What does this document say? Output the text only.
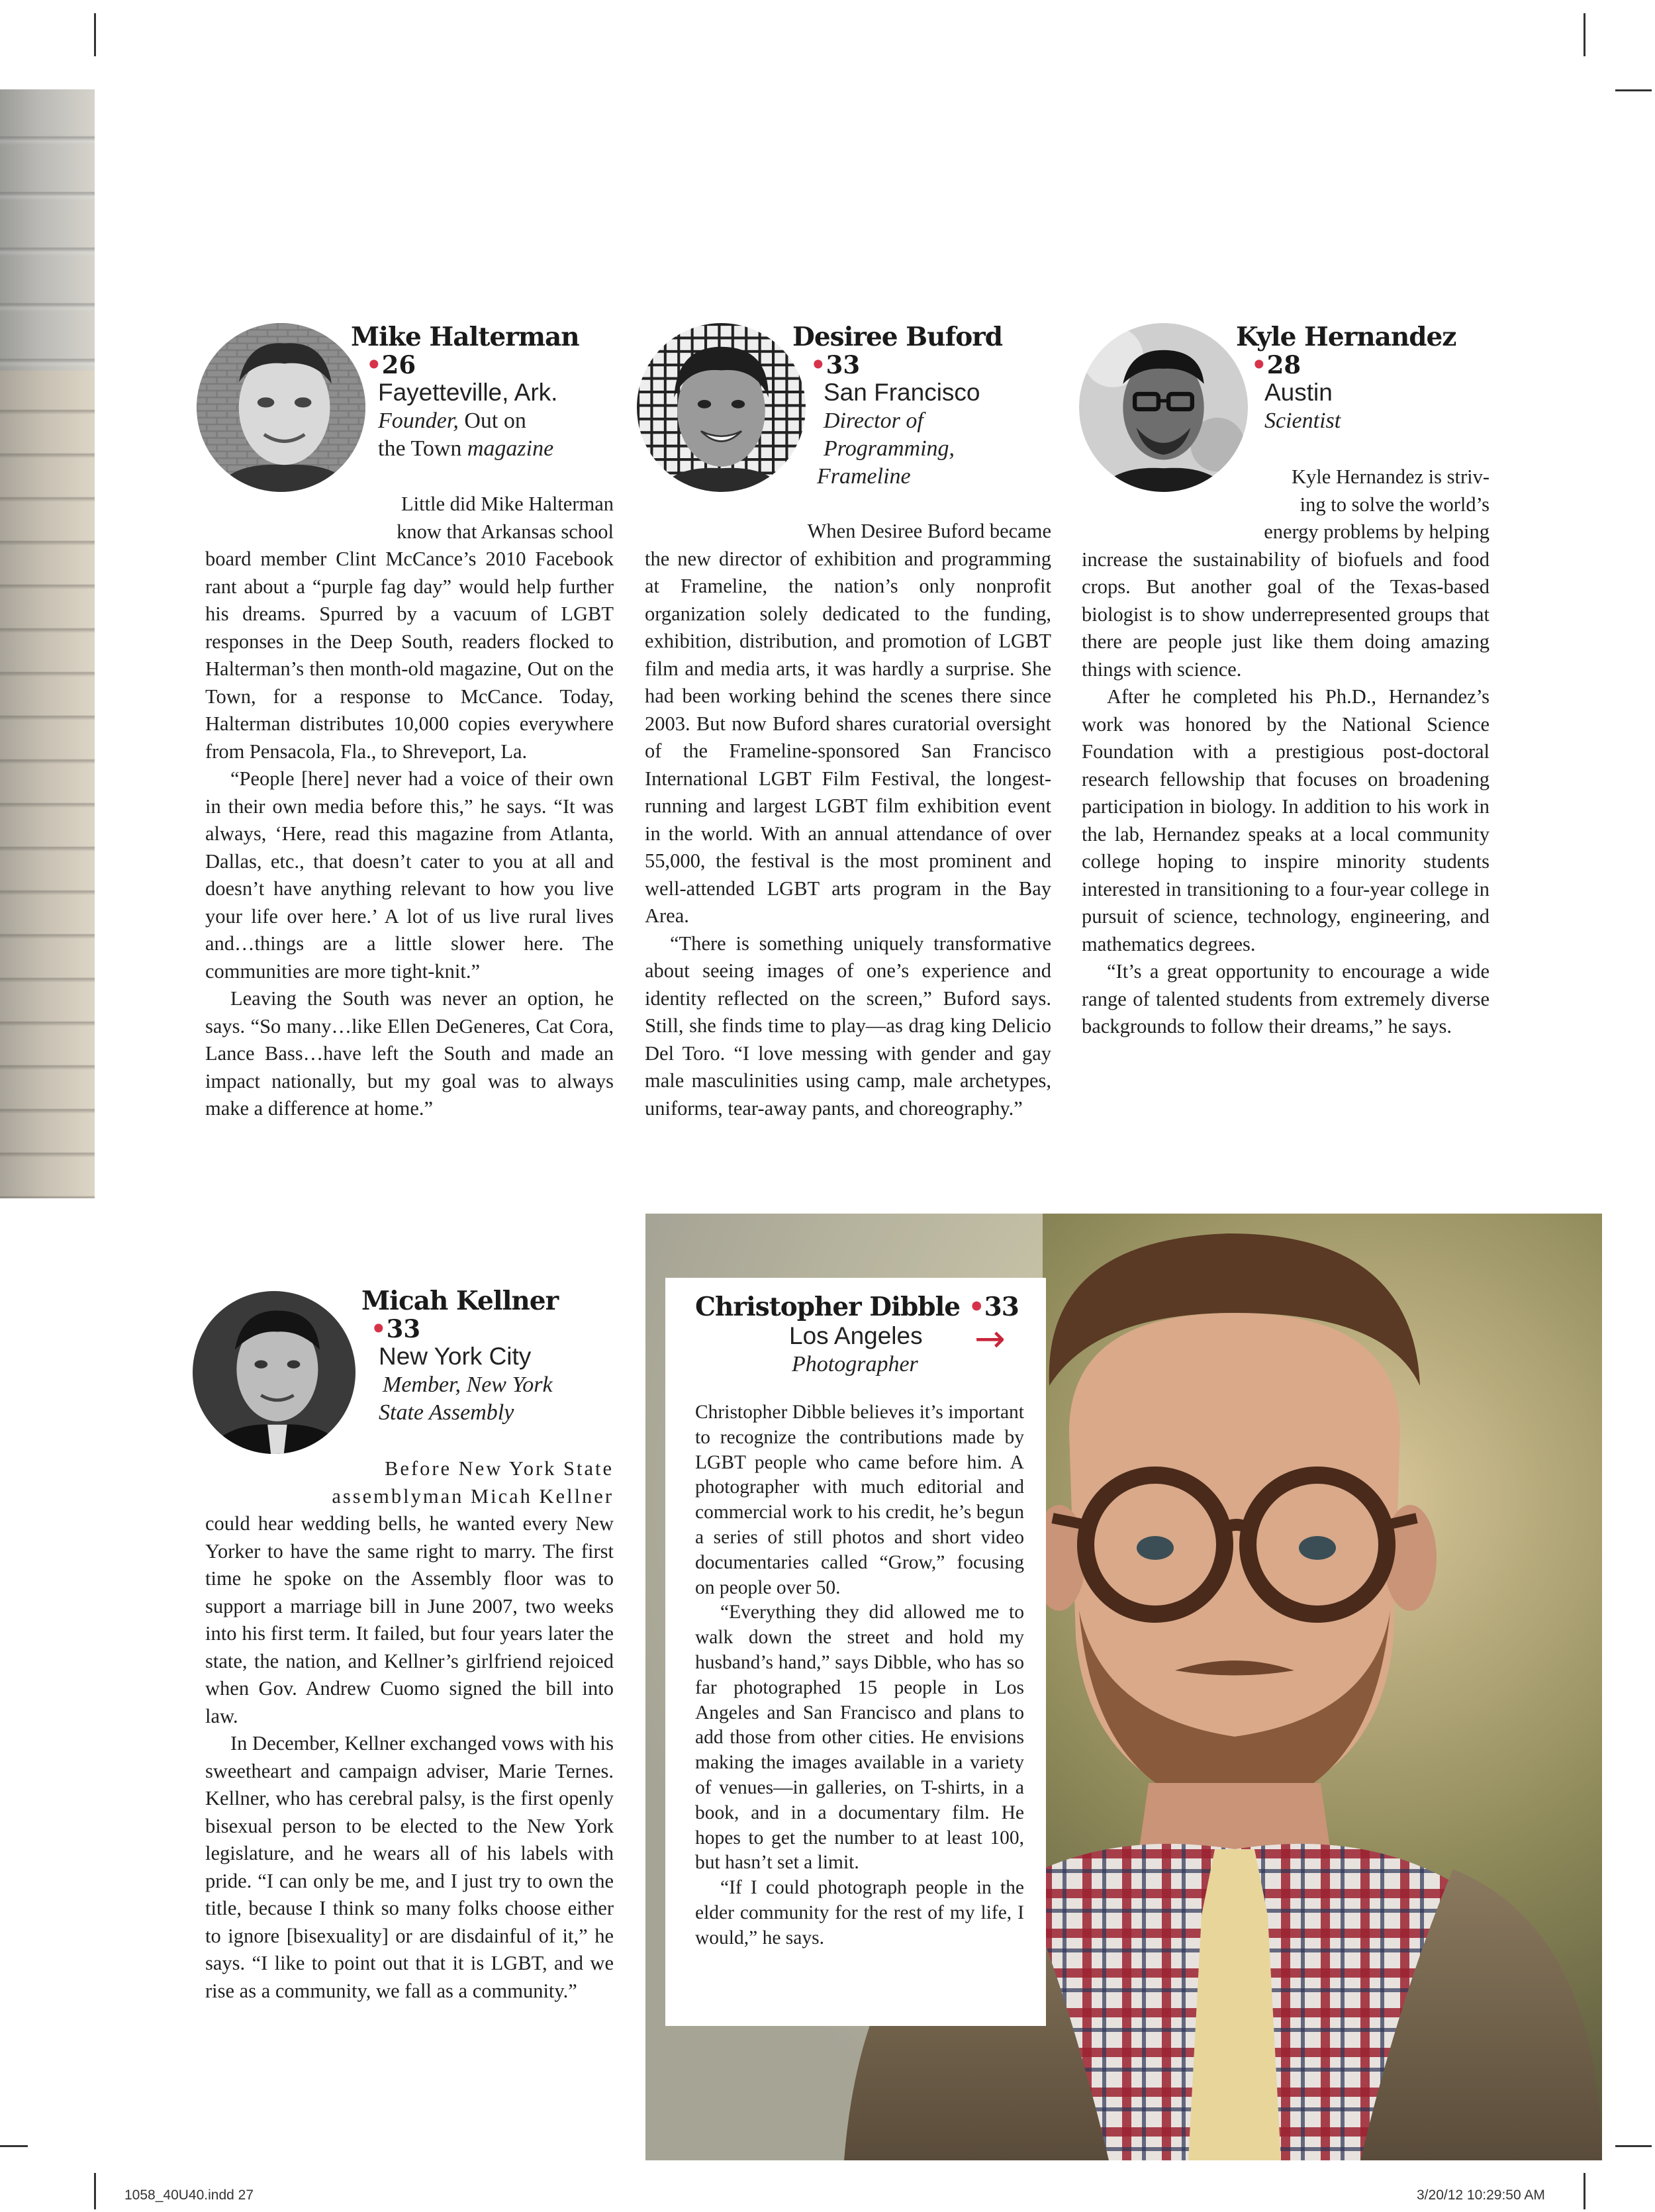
Mike Halterman
•26
Fayetteville, Ark.
Founder, Out on
the Town magazine
Little did Mike Halterman
know that Arkansas school

board member Clint McCance’s 2010 Facebook rant about a “purple fag day” would help further his dreams. Spurred by a vacuum of LGBT responses in the Deep South, readers flocked to Halterman’s then month-old magazine, Out on the Town, for a response to McCance. Today, Halterman distributes 10,000 copies everywhere from Pensacola, Fla., to Shreveport, La.

“People [here] never had a voice of their own in their own media before this,” he says. “It was always, ‘Here, read this magazine from Atlanta, Dallas, etc., that doesn’t cater to you at all and doesn’t have anything relevant to how you live your life over here.’ A lot of us live rural lives and…things are a little slower here. The communities are more tight-knit.”

Leaving the South was never an option, he says. “So many…like Ellen DeGeneres, Cat Cora, Lance Bass…have left the South and made an impact nationally, but my goal was to always make a difference at home.”

Desiree Buford
•33
San Francisco
Director of
Programming,
Frameline
When Desiree Buford became

the new director of exhibition and programming at Frameline, the nation’s only nonprofit organization solely dedicated to the funding, exhibition, distribution, and promotion of LGBT film and media arts, it was hardly a surprise. She had been working behind the scenes there since 2003. But now Buford shares curatorial oversight of the Frameline-sponsored San Francisco International LGBT Film Festival, the longest-running and largest LGBT film exhibition event in the world. With an annual attendance of over 55,000, the festival is the most prominent and well-attended LGBT arts program in the Bay Area.

“There is something uniquely transformative about seeing images of one’s experience and identity reflected on the screen,” Buford says. Still, she finds time to play—as drag king Delicio Del Toro. “I love messing with gender and gay male masculinities using camp, male archetypes, uniforms, tear-away pants, and choreography.”

Kyle Hernandez
•28
Austin
Scientist
Kyle Hernandez is striv-
ing to solve the world’s
energy problems by helping

increase the sustainability of biofuels and food crops. But another goal of the Texas-based biologist is to show underrepresented groups that there are people just like them doing amazing things with science.

After he completed his Ph.D., Hernandez’s work was honored by the National Science Foundation with a prestigious post-doctoral research fellowship that focuses on broadening participation in biology. In addition to his work in the lab, Hernandez speaks at a local community college hoping to inspire minority students interested in transitioning to a four-year college in pursuit of science, technology, engineering, and mathematics degrees.

“It’s a great opportunity to encourage a wide range of talented students from extremely diverse backgrounds to follow their dreams,” he says.

Micah Kellner
•33
New York City
Member, New York
State Assembly
Before New York State
assemblyman Micah Kellner

could hear wedding bells, he wanted every New Yorker to have the same right to marry. The first time he spoke on the Assembly floor was to support a marriage bill in June 2007, two weeks into his first term. It failed, but four years later the state, the nation, and Kellner’s girlfriend rejoiced when Gov. Andrew Cuomo signed the bill into law.

In December, Kellner exchanged vows with his sweetheart and campaign adviser, Marie Ternes. Kellner, who has cerebral palsy, is the first openly bisexual person to be elected to the New York legislature, and he wears all of his labels with pride. “I can only be me, and I just try to own the title, because I think so many folks choose either to ignore [bisexuality] or are disdainful of it,” he says. “I like to point out that it is LGBT, and we rise as a community, we fall as a community.”

Christopher Dibble •33
Los Angeles
Photographer
→

Christopher Dibble believes it’s important to recognize the contributions made by LGBT people who came before him. A photographer with much editorial and commercial work to his credit, he’s begun a series of still photos and short video documentaries called “Grow,” focusing on people over 50.

“Everything they did allowed me to walk down the street and hold my husband’s hand,” says Dibble, who has so far photographed 15 people in Los Angeles and San Francisco and plans to add those from other cities. He envisions making the images available in a variety of venues—in galleries, on T-shirts, in a book, and in a documentary film. He hopes to get the number to at least 100, but hasn’t set a limit.

“If I could photograph people in the elder community for the rest of my life, I would,” he says.

1058_40U40.indd 27	3/20/12 10:29:50 AM
